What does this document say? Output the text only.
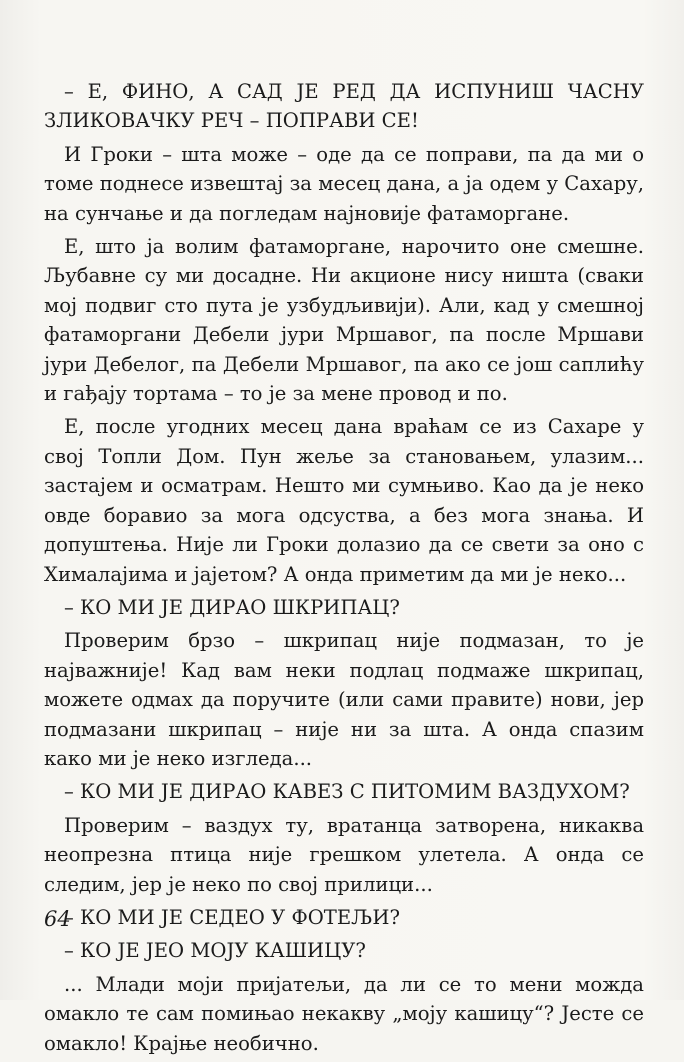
– Е, ФИНО, А САД ЈЕ РЕД ДА ИСПУНИШ ЧАСНУ ЗЛИКОВАЧКУ РЕЧ – ПОПРАВИ СЕ!

И Гроки – шта може – оде да се поправи, па да ми о томе поднесе извештај за месец дана, а ја одем у Сахару, на сунчање и да погледам најновије фатаморгане.

Е, што ја волим фатаморгане, нарочито оне смешне. Љубавне су ми досадне. Ни акционе нису ништа (сваки мој подвиг сто пута је узбудљивији). Али, кад у смешној фатаморгани Дебели јури Мршавог, па после Мршави јури Дебелог, па Дебели Мршавог, па ако се још саплићу и гађају тортама – то је за мене провод и по.

Е, после угодних месец дана враћам се из Сахаре у свој Топли Дом. Пун жеље за становањем, улазим... застајем и осматрам. Нешто ми сумњиво. Као да је неко овде боравио за мога одсуства, а без мога знања. И допуштења. Није ли Гроки долазио да се свети за оно с Хималајима и јајетом? А онда приметим да ми је неко...

– КО МИ ЈЕ ДИРАО ШКРИПАЦ?

Проверим брзо – шкрипац није подмазан, то је најважније! Кад вам неки подлац подмаже шкрипац, можете одмах да поручите (или сами правите) нови, јер подмазани шкрипац – није ни за шта. А онда спазим како ми је неко изгледа...

– КО МИ ЈЕ ДИРАО КАВЕЗ С ПИТОМИМ ВАЗДУХОМ?

Проверим – ваздух ту, вратанца затворена, никаква неопрезна птица није грешком улетела. А онда се следим, јер је неко по свој прилици...

– КО МИ ЈЕ СЕДЕО У ФОТЕЉИ?

– КО ЈЕ ЈЕО МОЈУ КАШИЦУ?

... Млади моји пријатељи, да ли се то мени можда омакло те сам помињао некакву „моју кашицу“? Јесте се омакло! Крајње необично.

64
